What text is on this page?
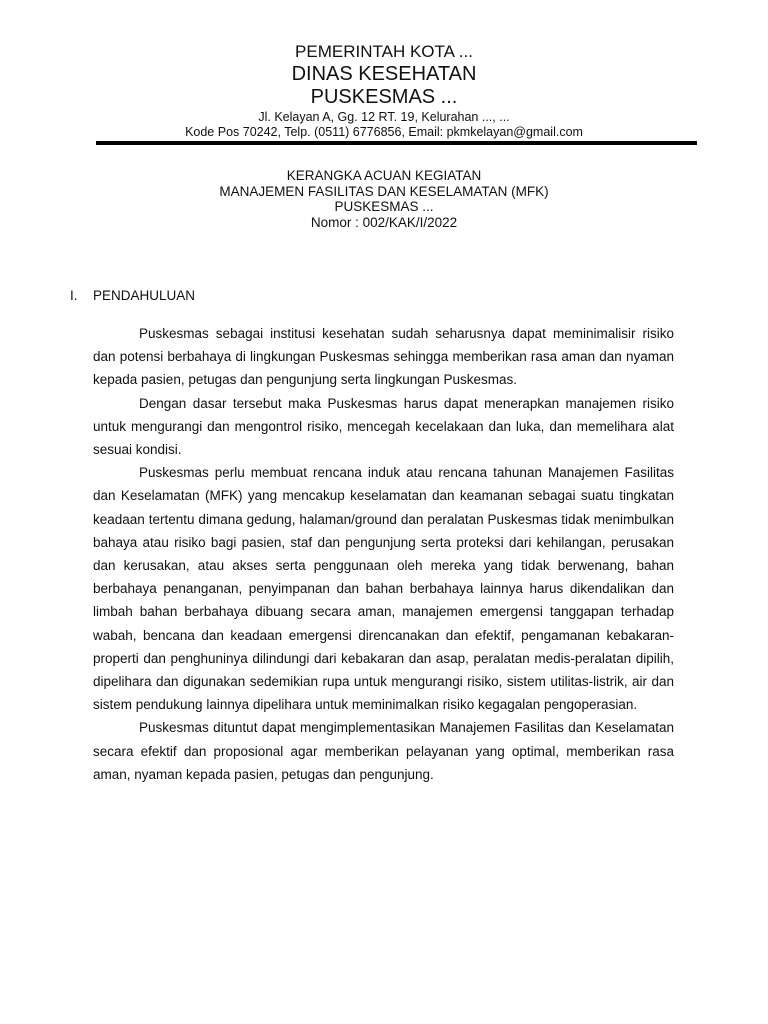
PEMERINTAH KOTA ...
DINAS KESEHATAN
PUSKESMAS ...
Jl. Kelayan A, Gg. 12 RT. 19, Kelurahan ..., ...
Kode Pos 70242, Telp. (0511) 6776856, Email: pkmkelayan@gmail.com
KERANGKA ACUAN KEGIATAN
MANAJEMEN FASILITAS DAN KESELAMATAN (MFK)
PUSKESMAS ...
Nomor : 002/KAK/I/2022
I. PENDAHULUAN

Puskesmas sebagai institusi kesehatan sudah seharusnya dapat meminimalisir risiko dan potensi berbahaya di lingkungan Puskesmas sehingga memberikan rasa aman dan nyaman kepada pasien, petugas dan pengunjung serta lingkungan Puskesmas.

Dengan dasar tersebut maka Puskesmas harus dapat menerapkan manajemen risiko untuk mengurangi dan mengontrol risiko, mencegah kecelakaan dan luka, dan memelihara alat sesuai kondisi.

Puskesmas perlu membuat rencana induk atau rencana tahunan Manajemen Fasilitas dan Keselamatan (MFK) yang mencakup keselamatan dan keamanan sebagai suatu tingkatan keadaan tertentu dimana gedung, halaman/ground dan peralatan Puskesmas tidak menimbulkan bahaya atau risiko bagi pasien, staf dan pengunjung serta proteksi dari kehilangan, perusakan dan kerusakan, atau akses serta penggunaan oleh mereka yang tidak berwenang, bahan berbahaya penanganan, penyimpanan dan bahan berbahaya lainnya harus dikendalikan dan limbah bahan berbahaya dibuang secara aman, manajemen emergensi tanggapan terhadap wabah, bencana dan keadaan emergensi direncanakan dan efektif, pengamanan kebakaran- properti dan penghuninya dilindungi dari kebakaran dan asap, peralatan medis-peralatan dipilih, dipelihara dan digunakan sedemikian rupa untuk mengurangi risiko, sistem utilitas-listrik, air dan sistem pendukung lainnya dipelihara untuk meminimalkan risiko kegagalan pengoperasian.

Puskesmas dituntut dapat mengimplementasikan Manajemen Fasilitas dan Keselamatan secara efektif dan proposional agar memberikan pelayanan yang optimal, memberikan rasa aman, nyaman kepada pasien, petugas dan pengunjung.
